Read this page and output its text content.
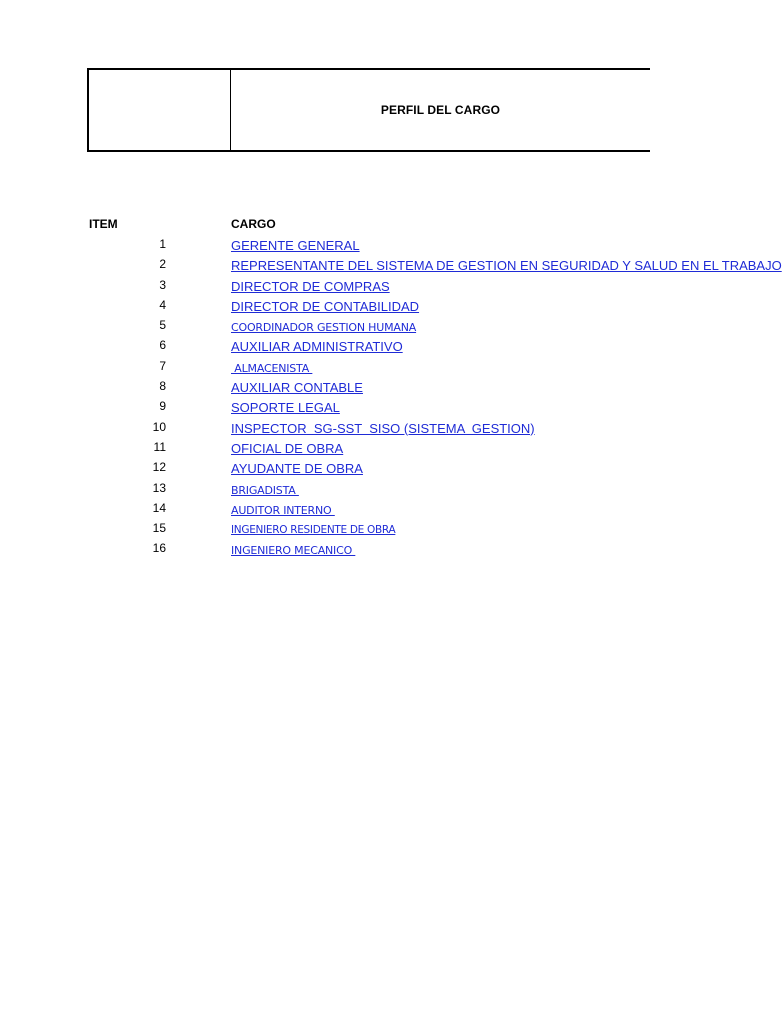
PERFIL DEL CARGO
ITEM	CARGO
1	GERENTE GENERAL
2	REPRESENTANTE DEL SISTEMA DE GESTION EN SEGURIDAD Y SALUD EN EL TRABAJO
3	DIRECTOR DE COMPRAS
4	DIRECTOR DE CONTABILIDAD
5	COORDINADOR GESTION HUMANA
6	AUXILIAR ADMINISTRATIVO
7	ALMACENISTA
8	AUXILIAR CONTABLE
9	SOPORTE LEGAL
10	INSPECTOR  SG-SST  SISO (SISTEMA  GESTION)
11	OFICIAL DE OBRA
12	AYUDANTE DE OBRA
13	BRIGADISTA
14	AUDITOR INTERNO
15	INGENIERO RESIDENTE DE OBRA
16	INGENIERO MECANICO
